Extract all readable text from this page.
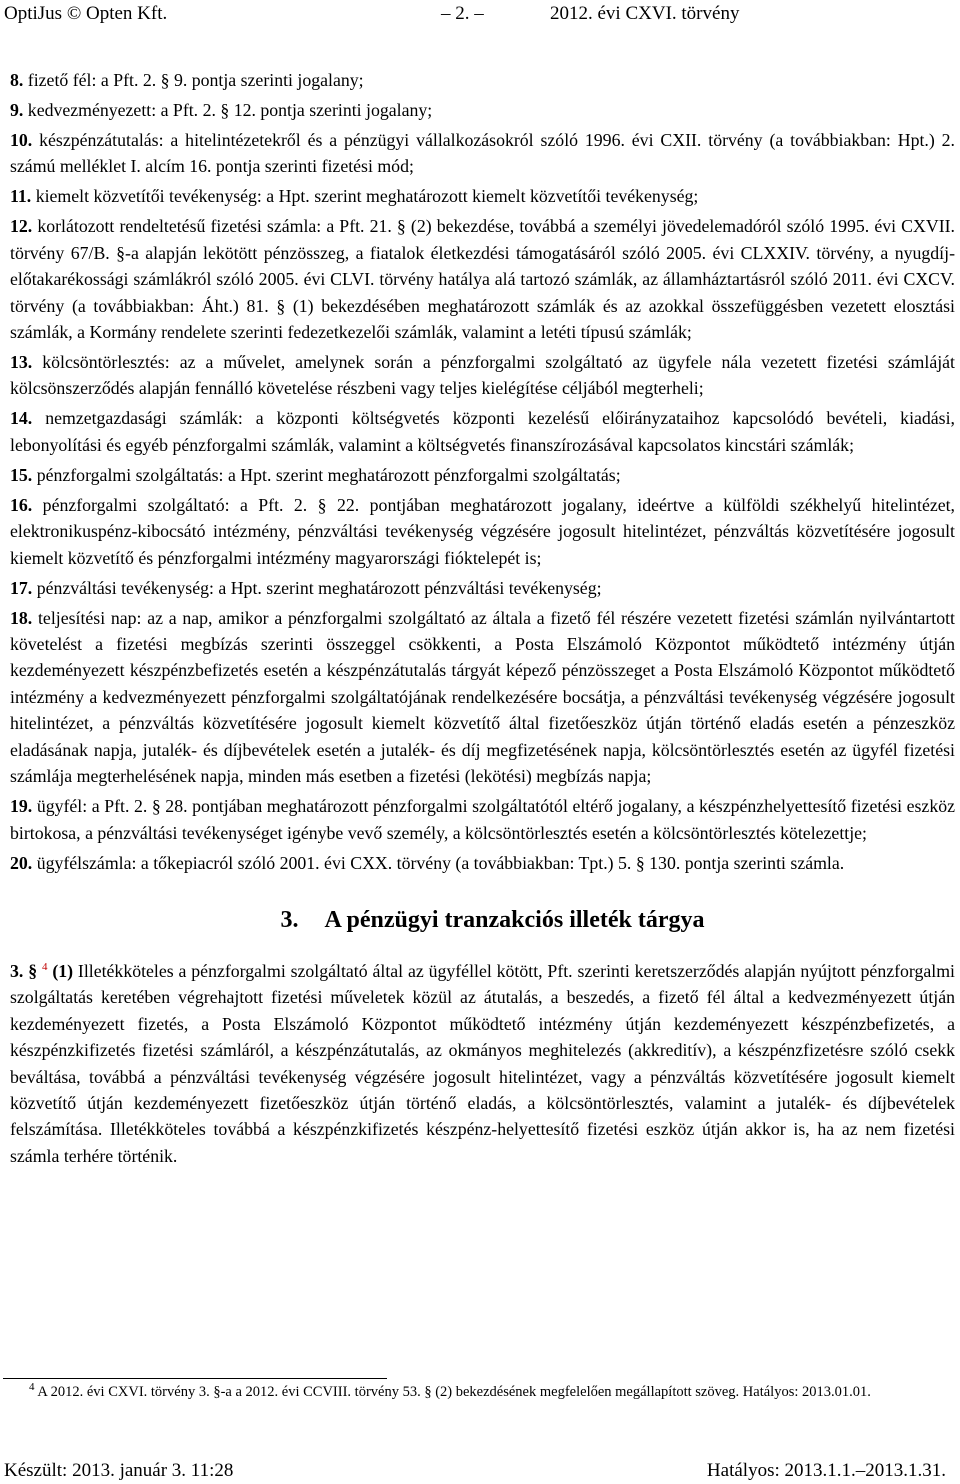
OptiJus © Opten Kft.	– 2. –	2012. évi CXVI. törvény

8. fizető fél: a Pft. 2. § 9. pontja szerinti jogalany;

9. kedvezményezett: a Pft. 2. § 12. pontja szerinti jogalany;

10. készpénzátutalás: a hitelintézetekről és a pénzügyi vállalkozásokról szóló 1996. évi CXII. törvény (a továbbiakban: Hpt.) 2. számú melléklet I. alcím 16. pontja szerinti fizetési mód;

11. kiemelt közvetítői tevékenység: a Hpt. szerint meghatározott kiemelt közvetítői tevékenység;

12. korlátozott rendeltetésű fizetési számla: a Pft. 21. § (2) bekezdése, továbbá a személyi jövedelemadóról szóló 1995. évi CXVII. törvény 67/B. §-a alapján lekötött pénzösszeg, a fiatalok életkezdési támogatásáról szóló 2005. évi CLXXIV. törvény, a nyugdíj-előtakarékossági számlákról szóló 2005. évi CLVI. törvény hatálya alá tartozó számlák, az államháztartásról szóló 2011. évi CXCV. törvény (a továbbiakban: Áht.) 81. § (1) bekezdésében meghatározott számlák és az azokkal összefüggésben vezetett elosztási számlák, a Kormány rendelete szerinti fedezetkezelői számlák, valamint a letéti típusú számlák;

13. kölcsöntörlesztés: az a művelet, amelynek során a pénzforgalmi szolgáltató az ügyfele nála vezetett fizetési számláját kölcsönszerződés alapján fennálló követelése részbeni vagy teljes kielégítése céljából megterheli;

14. nemzetgazdasági számlák: a központi költségvetés központi kezelésű előirányzataihoz kapcsolódó bevételi, kiadási, lebonyolítási és egyéb pénzforgalmi számlák, valamint a költségvetés finanszírozásával kapcsolatos kincstári számlák;

15. pénzforgalmi szolgáltatás: a Hpt. szerint meghatározott pénzforgalmi szolgáltatás;

16. pénzforgalmi szolgáltató: a Pft. 2. § 22. pontjában meghatározott jogalany, ideértve a külföldi székhelyű hitelintézet, elektronikuspénz-kibocsátó intézmény, pénzváltási tevékenység végzésére jogosult hitelintézet, pénzváltás közvetítésére jogosult kiemelt közvetítő és pénzforgalmi intézmény magyarországi fióktelepét is;

17. pénzváltási tevékenység: a Hpt. szerint meghatározott pénzváltási tevékenység;

18. teljesítési nap: az a nap, amikor a pénzforgalmi szolgáltató az általa a fizető fél részére vezetett fizetési számlán nyilvántartott követelést a fizetési megbízás szerinti összeggel csökkenti, a Posta Elszámoló Központot működtető intézmény útján kezdeményezett készpénzbefizetés esetén a készpénzátutalás tárgyát képező pénzösszeget a Posta Elszámoló Központot működtető intézmény a kedvezményezett pénzforgalmi szolgáltatójának rendelkezésére bocsátja, a pénzváltási tevékenység végzésére jogosult hitelintézet, a pénzváltás közvetítésére jogosult kiemelt közvetítő által fizetőeszköz útján történő eladás esetén a pénzeszköz eladásának napja, jutalék- és díjbevételek esetén a jutalék- és díj megfizetésének napja, kölcsöntörlesztés esetén az ügyfél fizetési számlája megterhelésének napja, minden más esetben a fizetési (lekötési) megbízás napja;

19. ügyfél: a Pft. 2. § 28. pontjában meghatározott pénzforgalmi szolgáltatótól eltérő jogalany, a készpénzhelyettesítő fizetési eszköz birtokosa, a pénzváltási tevékenységet igénybe vevő személy, a kölcsöntörlesztés esetén a kölcsöntörlesztés kötelezettje;

20. ügyfélszámla: a tőkepiacról szóló 2001. évi CXX. törvény (a továbbiakban: Tpt.) 5. § 130. pontja szerinti számla.

3. A pénzügyi tranzakciós illeték tárgya

3. § $^4$ (1) Illetékköteles a pénzforgalmi szolgáltató által az ügyféllel kötött, Pft. szerinti keretszerződés alapján nyújtott pénzforgalmi szolgáltatás keretében végrehajtott fizetési műveletek közül az átutalás, a beszedés, a fizető fél által a kedvezményezett útján kezdeményezett fizetés, a Posta Elszámoló Központot működtető intézmény útján kezdeményezett készpénzbefizetés, a készpénzkifizetés fizetési számláról, a készpénzátutalás, az okmányos meghitelezés (akkreditív), a készpénzfizetésre szóló csekk beváltása, továbbá a pénzváltási tevékenység végzésére jogosult hitelintézet, vagy a pénzváltás közvetítésére jogosult kiemelt közvetítő útján kezdeményezett fizetőeszköz útján történő eladás, a kölcsöntörlesztés, valamint a jutalék- és díjbevételek felszámítása. Illetékköteles továbbá a készpénzkifizetés készpénz-helyettesítő fizetési eszköz útján akkor is, ha az nem fizetési számla terhére történik.

$^4$ A 2012. évi CXVI. törvény 3. §-a a 2012. évi CCVIII. törvény 53. § (2) bekezdésének megfelelően megállapított szöveg. Hatályos: 2013.01.01.

Készült: 2013. január 3. 11:28	Hatályos: 2013.1.1.–2013.1.31.
